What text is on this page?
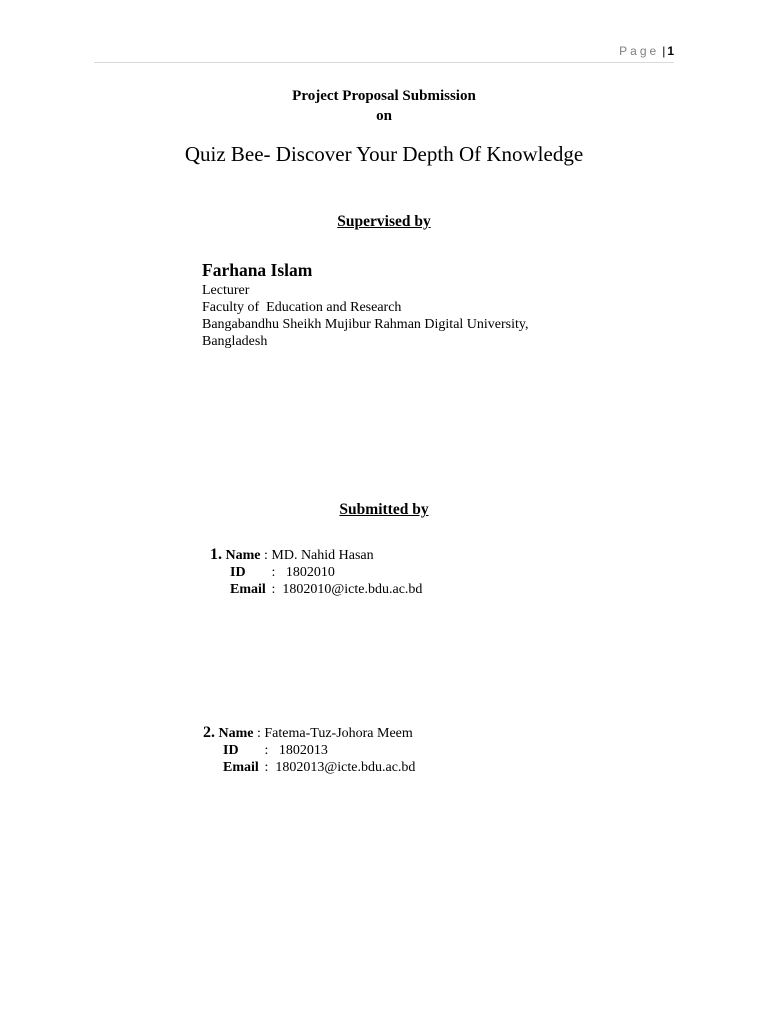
Page | 1
Project Proposal Submission
on
Quiz Bee- Discover Your Depth Of Knowledge
Supervised by
Farhana Islam
Lecturer
Faculty of  Education and Research
Bangabandhu Sheikh Mujibur Rahman Digital University,
Bangladesh
Submitted by
1. Name : MD. Nahid Hasan
ID :   1802010
Email :  1802010@icte.bdu.ac.bd
2. Name : Fatema-Tuz-Johora Meem
ID :   1802013
Email :  1802013@icte.bdu.ac.bd
